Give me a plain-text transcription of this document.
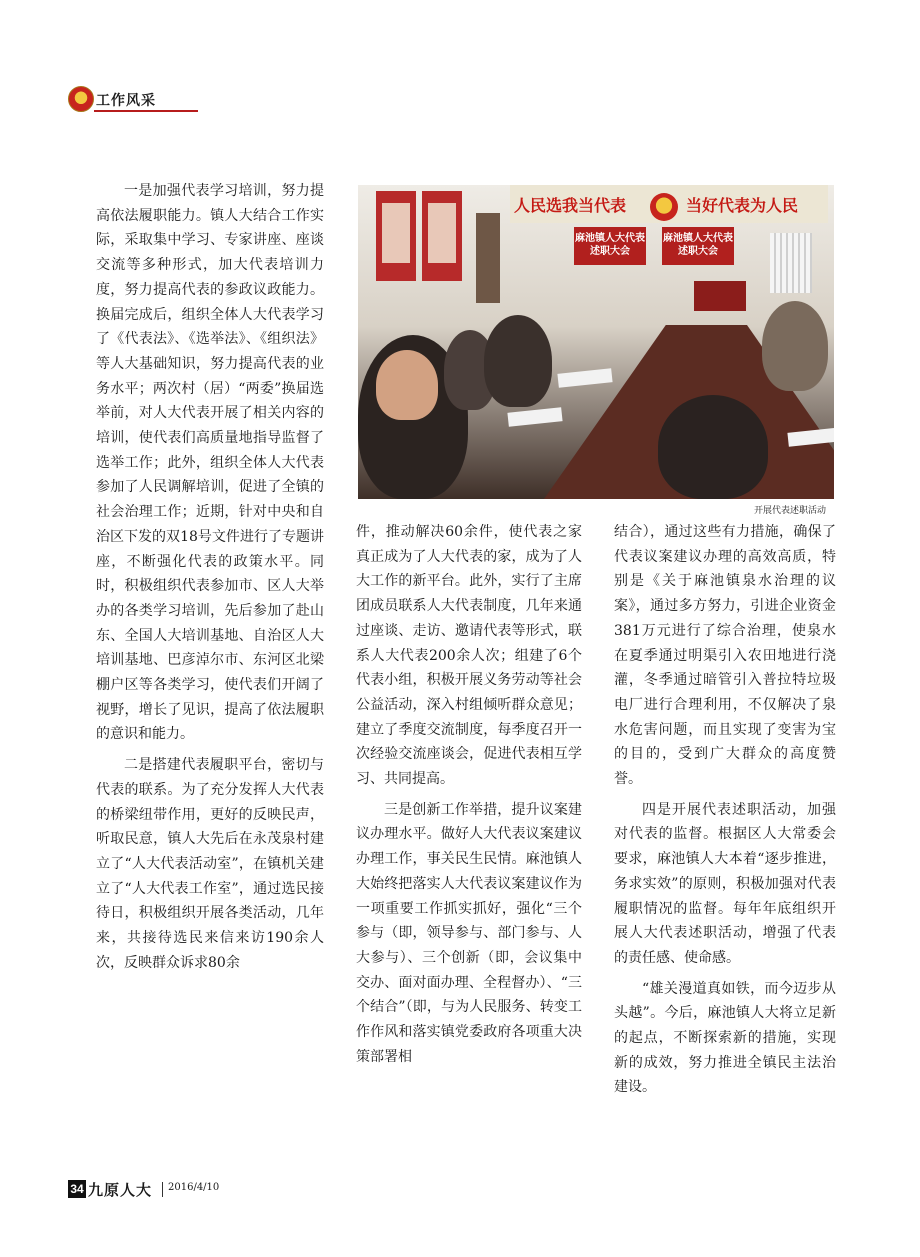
工作风采
人民选我当代表	当好代表为人民
麻池镇人大代表述职大会
麻池镇人大代表述职大会
开展代表述职活动

一是加强代表学习培训，努力提高依法履职能力。镇人大结合工作实际，采取集中学习、专家讲座、座谈交流等多种形式，加大代表培训力度，努力提高代表的参政议政能力。换届完成后，组织全体人大代表学习了《代表法》、《选举法》、《组织法》等人大基础知识，努力提高代表的业务水平；两次村（居）“两委”换届选举前，对人大代表开展了相关内容的培训，使代表们高质量地指导监督了选举工作；此外，组织全体人大代表参加了人民调解培训，促进了全镇的社会治理工作；近期，针对中央和自治区下发的双18号文件进行了专题讲座，不断强化代表的政策水平。同时，积极组织代表参加市、区人大举办的各类学习培训，先后参加了赴山东、全国人大培训基地、自治区人大培训基地、巴彦淖尔市、东河区北梁棚户区等各类学习，使代表们开阔了视野，增长了见识，提高了依法履职的意识和能力。

二是搭建代表履职平台，密切与代表的联系。为了充分发挥人大代表的桥梁纽带作用，更好的反映民声，听取民意，镇人大先后在永茂泉村建立了“人大代表活动室”，在镇机关建立了“人大代表工作室”，通过选民接待日，积极组织开展各类活动，几年来，共接待选民来信来访190余人次，反映群众诉求80余

件，推动解决60余件，使代表之家真正成为了人大代表的家，成为了人大工作的新平台。此外，实行了主席团成员联系人大代表制度，几年来通过座谈、走访、邀请代表等形式，联系人大代表200余人次；组建了6个代表小组，积极开展义务劳动等社会公益活动，深入村组倾听群众意见；建立了季度交流制度，每季度召开一次经验交流座谈会，促进代表相互学习、共同提高。

三是创新工作举措，提升议案建议办理水平。做好人大代表议案建议办理工作，事关民生民情。麻池镇人大始终把落实人大代表议案建议作为一项重要工作抓实抓好，强化“三个参与（即，领导参与、部门参与、人大参与）、三个创新（即，会议集中交办、面对面办理、全程督办）、“三个结合”（即，与为人民服务、转变工作作风和落实镇党委政府各项重大决策部署相

结合），通过这些有力措施，确保了代表议案建议办理的高效高质，特别是《关于麻池镇泉水治理的议案》，通过多方努力，引进企业资金381万元进行了综合治理，使泉水在夏季通过明渠引入农田地进行浇灌，冬季通过暗管引入普拉特垃圾电厂进行合理利用，不仅解决了泉水危害问题，而且实现了变害为宝的目的，受到广大群众的高度赞誉。

四是开展代表述职活动，加强对代表的监督。根据区人大常委会要求，麻池镇人大本着“逐步推进，务求实效”的原则，积极加强对代表履职情况的监督。每年年底组织开展人大代表述职活动，增强了代表的责任感、使命感。

“雄关漫道真如铁，而今迈步从头越”。今后，麻池镇人大将立足新的起点，不断探索新的措施，实现新的成效，努力推进全镇民主法治建设。

34 九原人大 2016/4/10
